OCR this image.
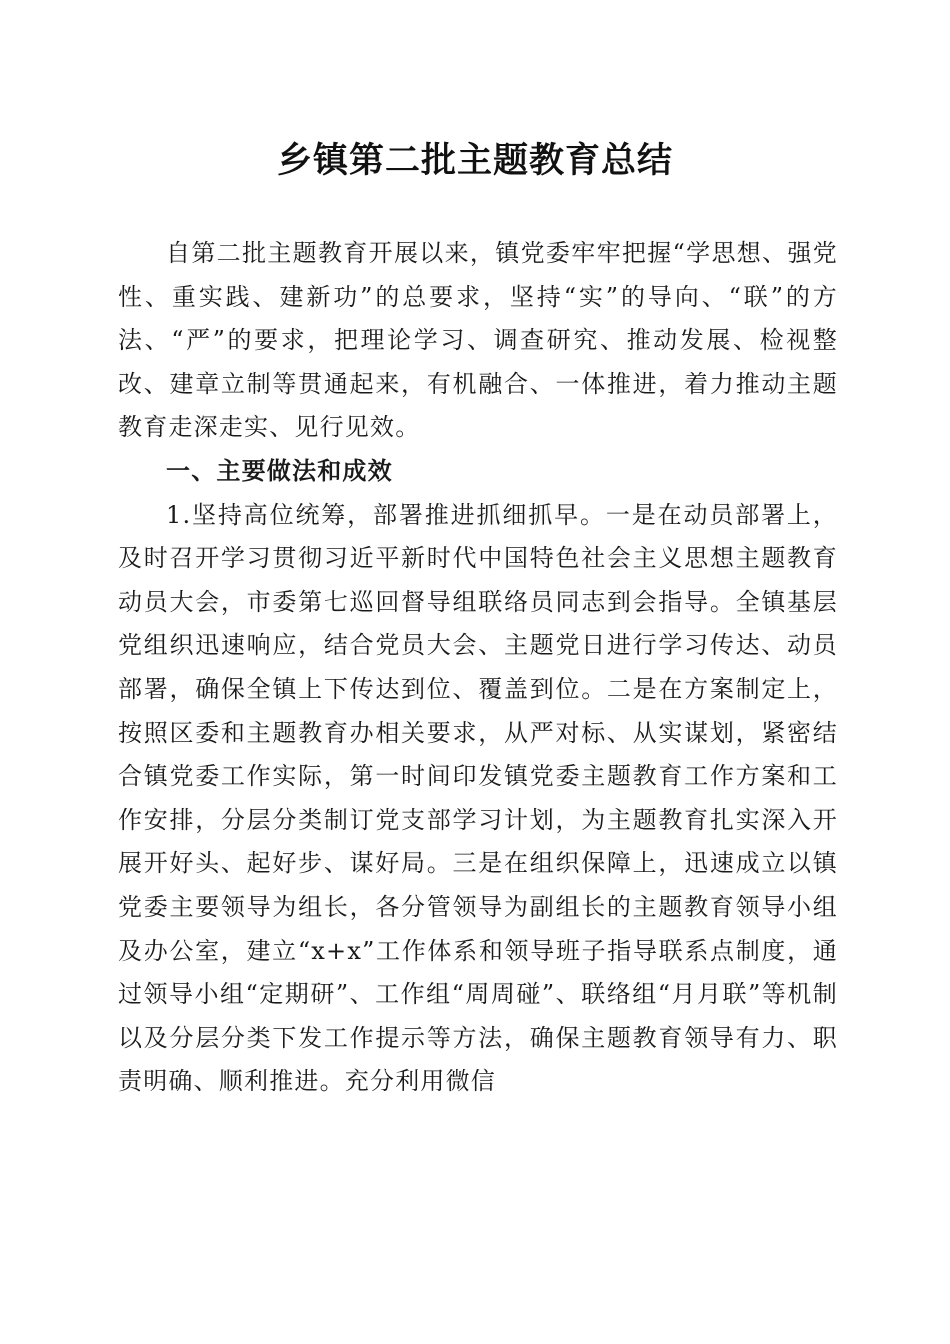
乡镇第二批主题教育总结

自第二批主题教育开展以来，镇党委牢牢把握“学思想、强党性、重实践、建新功”的总要求，坚持“实”的导向、“联”的方法、“严”的要求，把理论学习、调查研究、推动发展、检视整改、建章立制等贯通起来，有机融合、一体推进，着力推动主题教育走深走实、见行见效。

一、主要做法和成效

1.坚持高位统筹，部署推进抓细抓早。一是在动员部署上，及时召开学习贯彻习近平新时代中国特色社会主义思想主题教育动员大会，市委第七巡回督导组联络员同志到会指导。全镇基层党组织迅速响应，结合党员大会、主题党日进行学习传达、动员部署，确保全镇上下传达到位、覆盖到位。二是在方案制定上，按照区委和主题教育办相关要求，从严对标、从实谋划，紧密结合镇党委工作实际，第一时间印发镇党委主题教育工作方案和工作安排，分层分类制订党支部学习计划，为主题教育扎实深入开展开好头、起好步、谋好局。三是在组织保障上，迅速成立以镇党委主要领导为组长，各分管领导为副组长的主题教育领导小组及办公室，建立“x+x”工作体系和领导班子指导联系点制度，通过领导小组“定期研”、工作组“周周碰”、联络组“月月联”等机制以及分层分类下发工作提示等方法，确保主题教育领导有力、职责明确、顺利推进。充分利用微信
